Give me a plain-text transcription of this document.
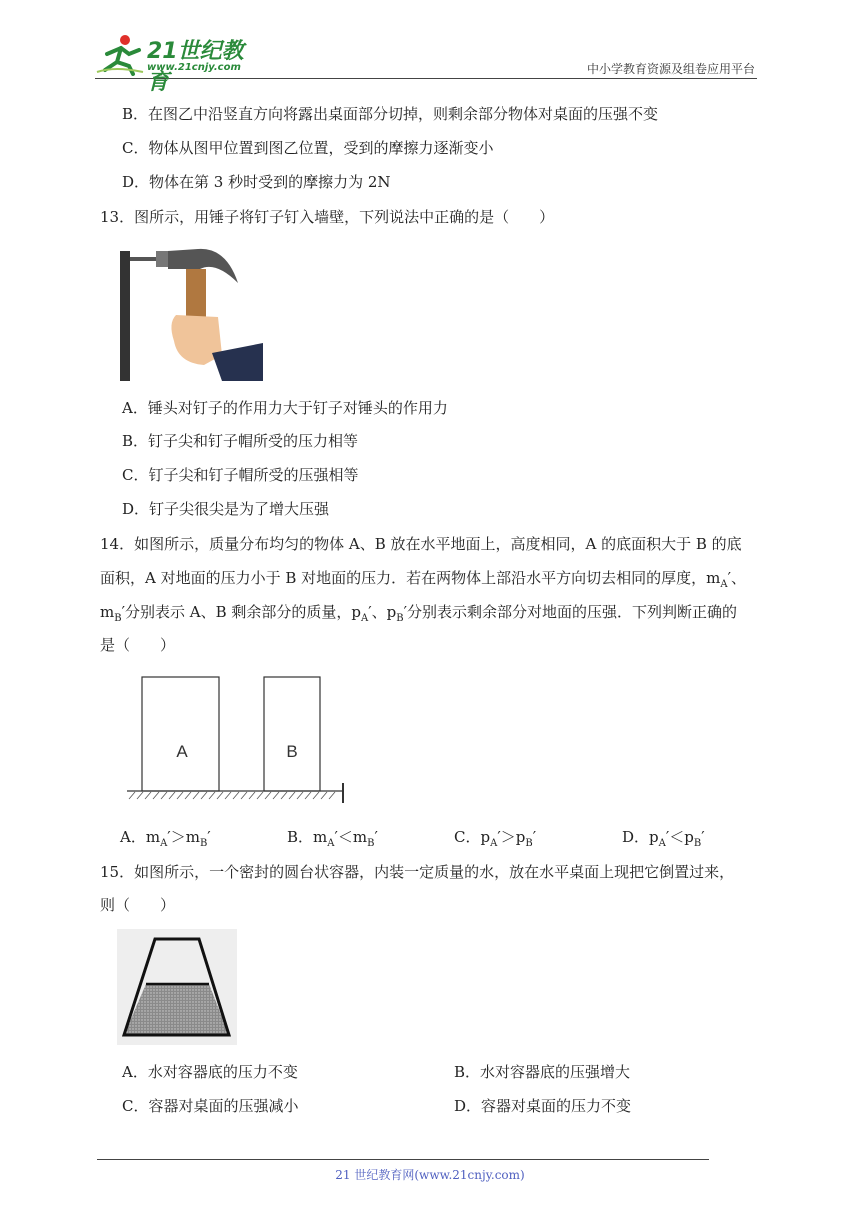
21世纪教育
www.21cnjy.com	中小学教育资源及组卷应用平台
B．在图乙中沿竖直方向将露出桌面部分切掉，则剩余部分物体对桌面的压强不变
C．物体从图甲位置到图乙位置，受到的摩擦力逐渐变小
D．物体在第 3 秒时受到的摩擦力为 2N
13．图所示，用锤子将钉子钉入墙壁，下列说法中正确的是（　　）
A．锤头对钉子的作用力大于钉子对锤头的作用力
B．钉子尖和钉子帽所受的压力相等
C．钉子尖和钉子帽所受的压强相等
D．钉子尖很尖是为了增大压强
14．如图所示，质量分布均匀的物体 A、B 放在水平地面上，高度相同，A 的底面积大于 B 的底
面积，A 对地面的压力小于 B 对地面的压力．若在两物体上部沿水平方向切去相同的厚度，$m_A'$、
$m_B'$分别表示 A、B 剩余部分的质量，$p_A'$、$p_B'$分别表示剩余部分对地面的压强．下列判断正确的
是（　　）
A	B
A．$m_A'>m_B'$	B．$m_A'<m_B'$	C．$p_A'>p_B'$	D．$p_A'<p_B'$
15．如图所示，一个密封的圆台状容器，内装一定质量的水，放在水平桌面上现把它倒置过来，
则（　　）
A．水对容器底的压力不变	B．水对容器底的压强增大
C．容器对桌面的压强减小	D．容器对桌面的压力不变
21 世纪教育网(www.21cnjy.com)
